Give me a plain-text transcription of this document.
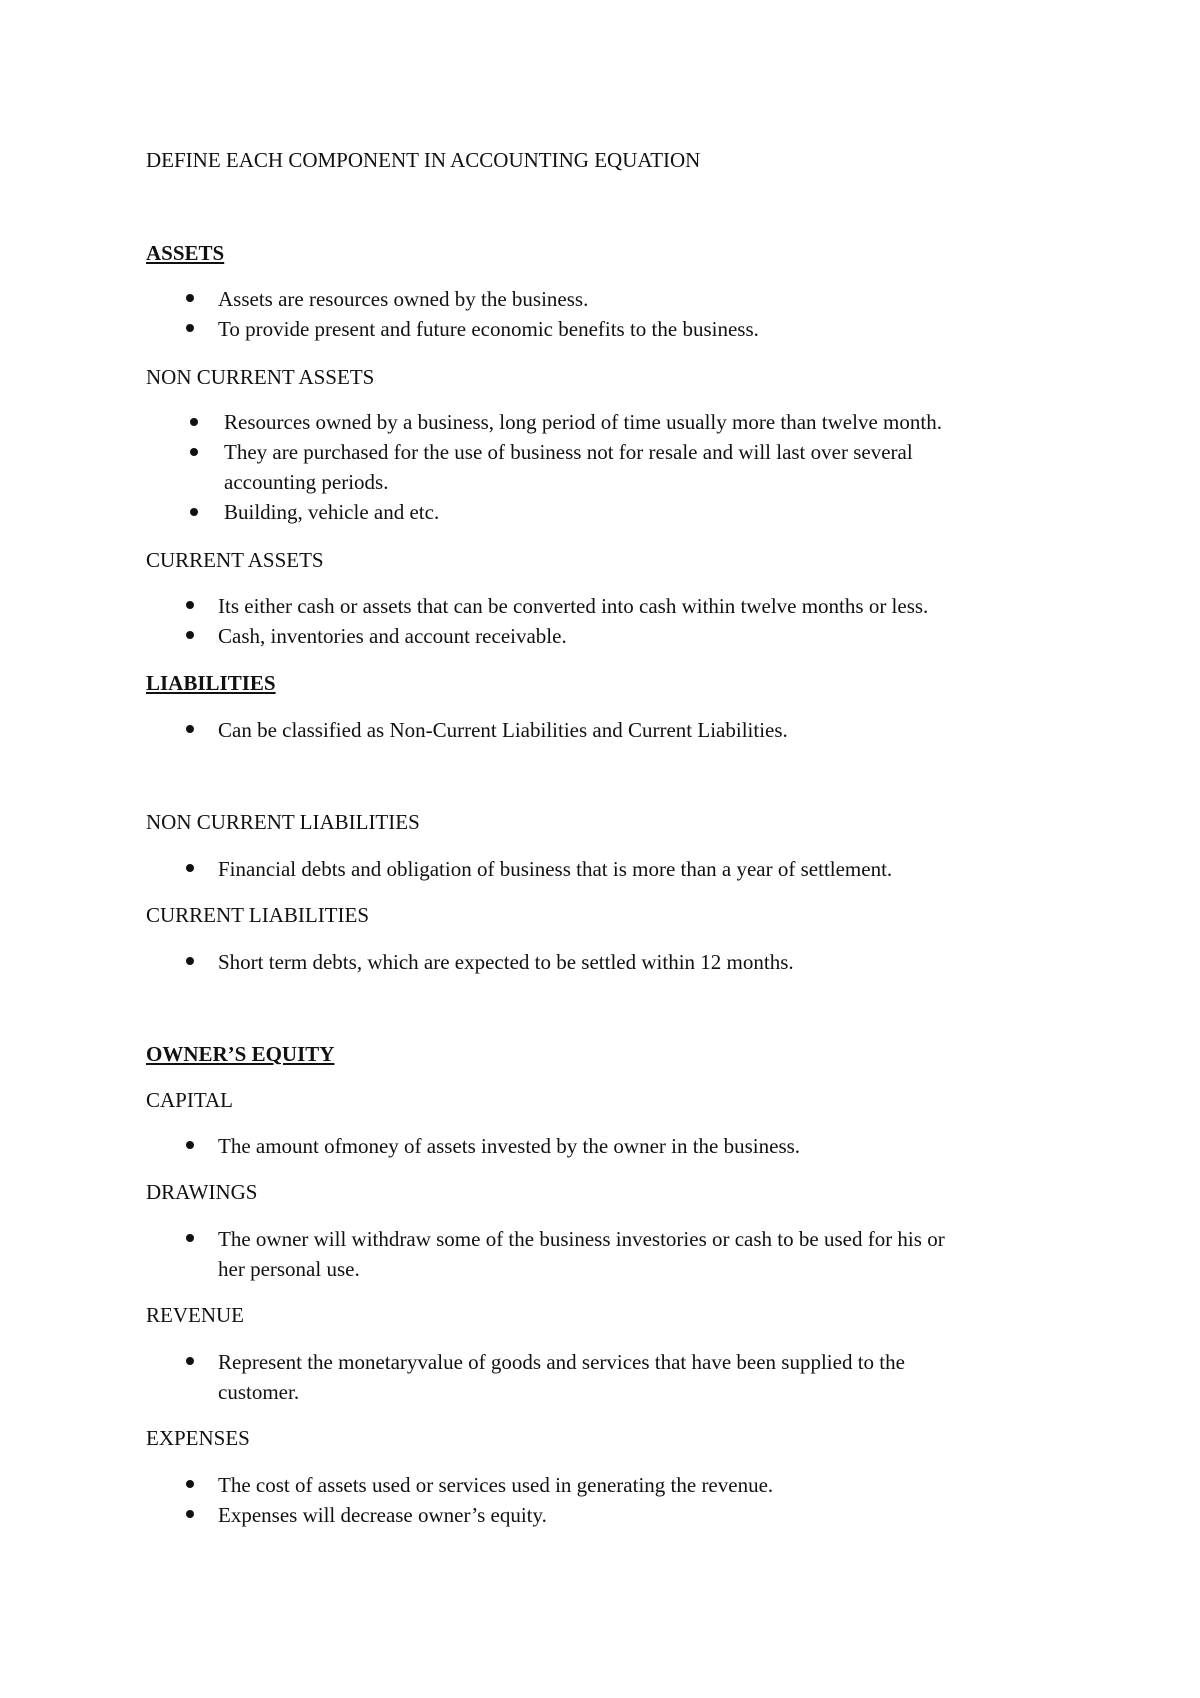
DEFINE EACH COMPONENT IN ACCOUNTING EQUATION
ASSETS
Assets are resources owned by the business.
To provide present and future economic benefits to the business.
NON CURRENT ASSETS
Resources owned by a business, long period of time usually more than twelve month.
They are purchased for the use of business not for resale and will last over several
accounting periods.
Building, vehicle and etc.
CURRENT ASSETS
Its either cash or assets that can be converted into cash within twelve months or less.
Cash, inventories and account receivable.
LIABILITIES
Can be classified as Non-Current Liabilities and Current Liabilities.
NON CURRENT LIABILITIES
Financial debts and obligation of business that is more than a year of settlement.
CURRENT LIABILITIES
Short term debts, which are expected to be settled within 12 months.
OWNER’S EQUITY
CAPITAL
The amount ofmoney of assets invested by the owner in the business.
DRAWINGS
The owner will withdraw some of the business investories or cash to be used for his or
her personal use.
REVENUE
Represent the monetaryvalue of goods and services that have been supplied to the
customer.
EXPENSES
The cost of assets used or services used in generating the revenue.
Expenses will decrease owner’s equity.
